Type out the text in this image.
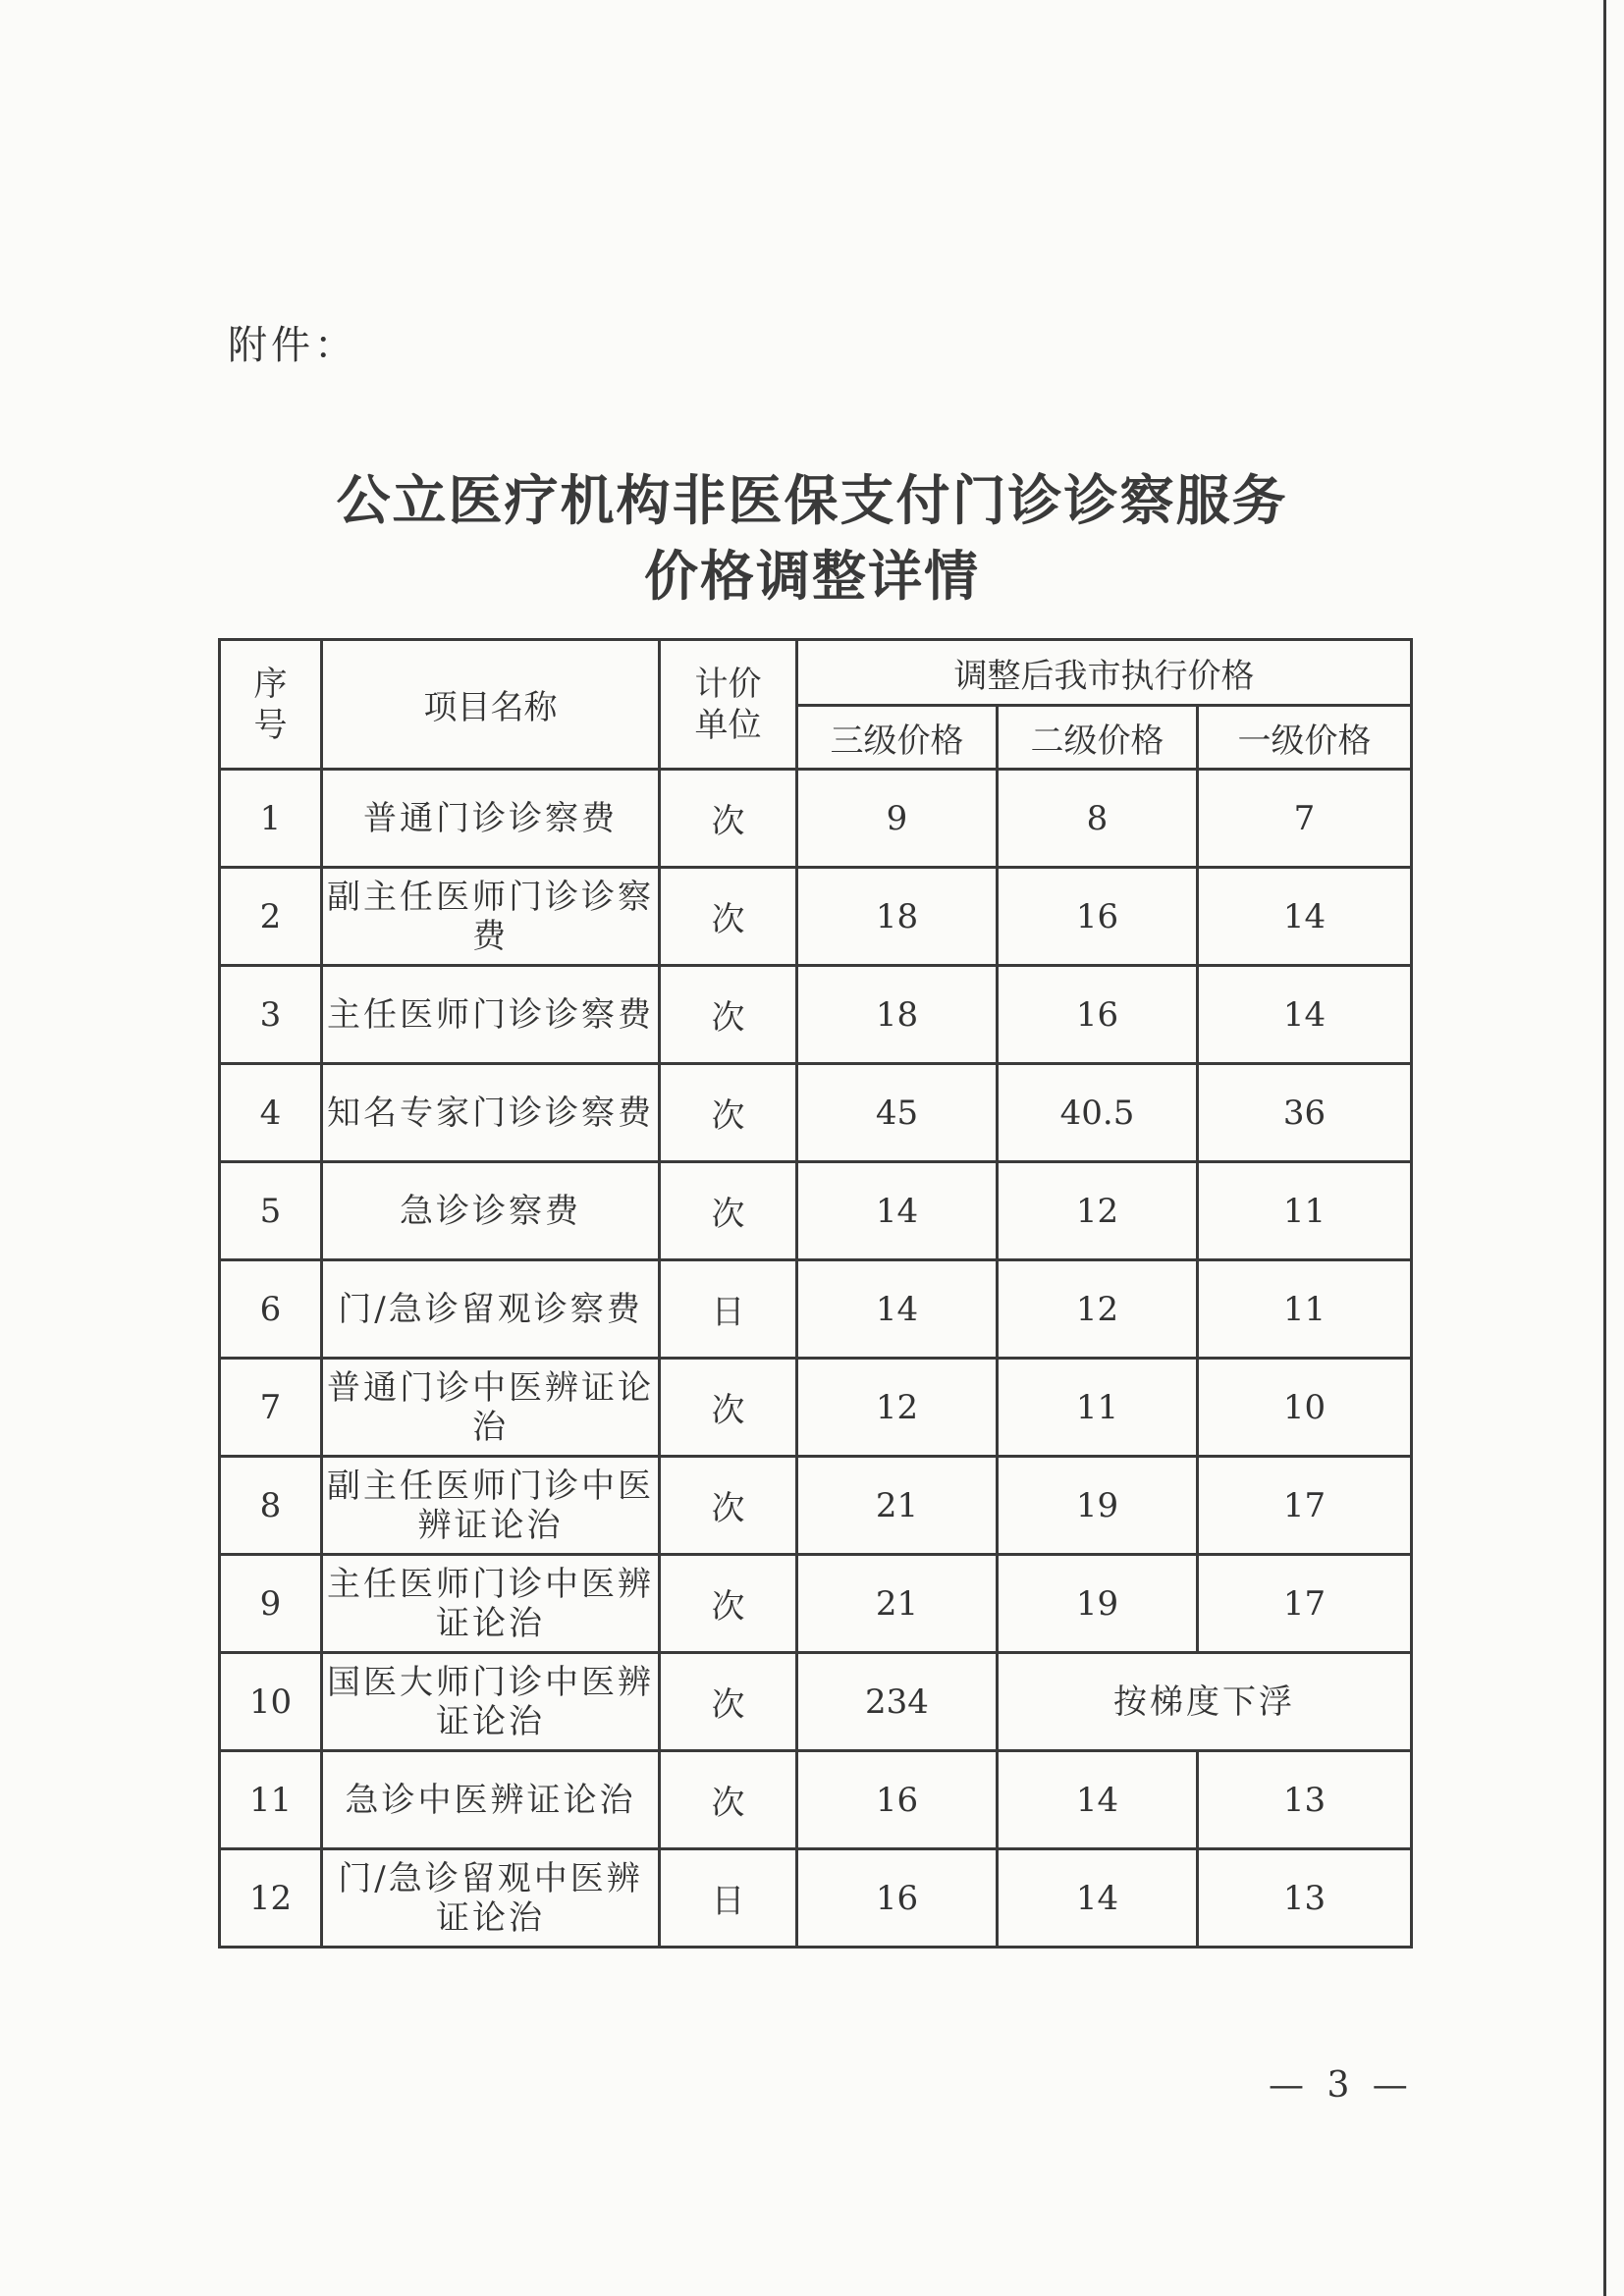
附件：
公立医疗机构非医保支付门诊诊察服务
价格调整详情
序号	项目名称	计价单位	调整后我市执行价格		
			三级价格	二级价格	一级价格
1	普通门诊诊察费	次	9	8	7
2	副主任医师门诊诊察费	次	18	16	14
3	主任医师门诊诊察费	次	18	16	14
4	知名专家门诊诊察费	次	45	40.5	36
5	急诊诊察费	次	14	12	11
6	门/急诊留观诊察费	日	14	12	11
7	普通门诊中医辨证论治	次	12	11	10
8	副主任医师门诊中医辨证论治	次	21	19	17
9	主任医师门诊中医辨证论治	次	21	19	17
10	国医大师门诊中医辨证论治	次	234	按梯度下浮	
11	急诊中医辨证论治	次	16	14	13
12	门/急诊留观中医辨证论治	日	16	14	13
— 3 —
